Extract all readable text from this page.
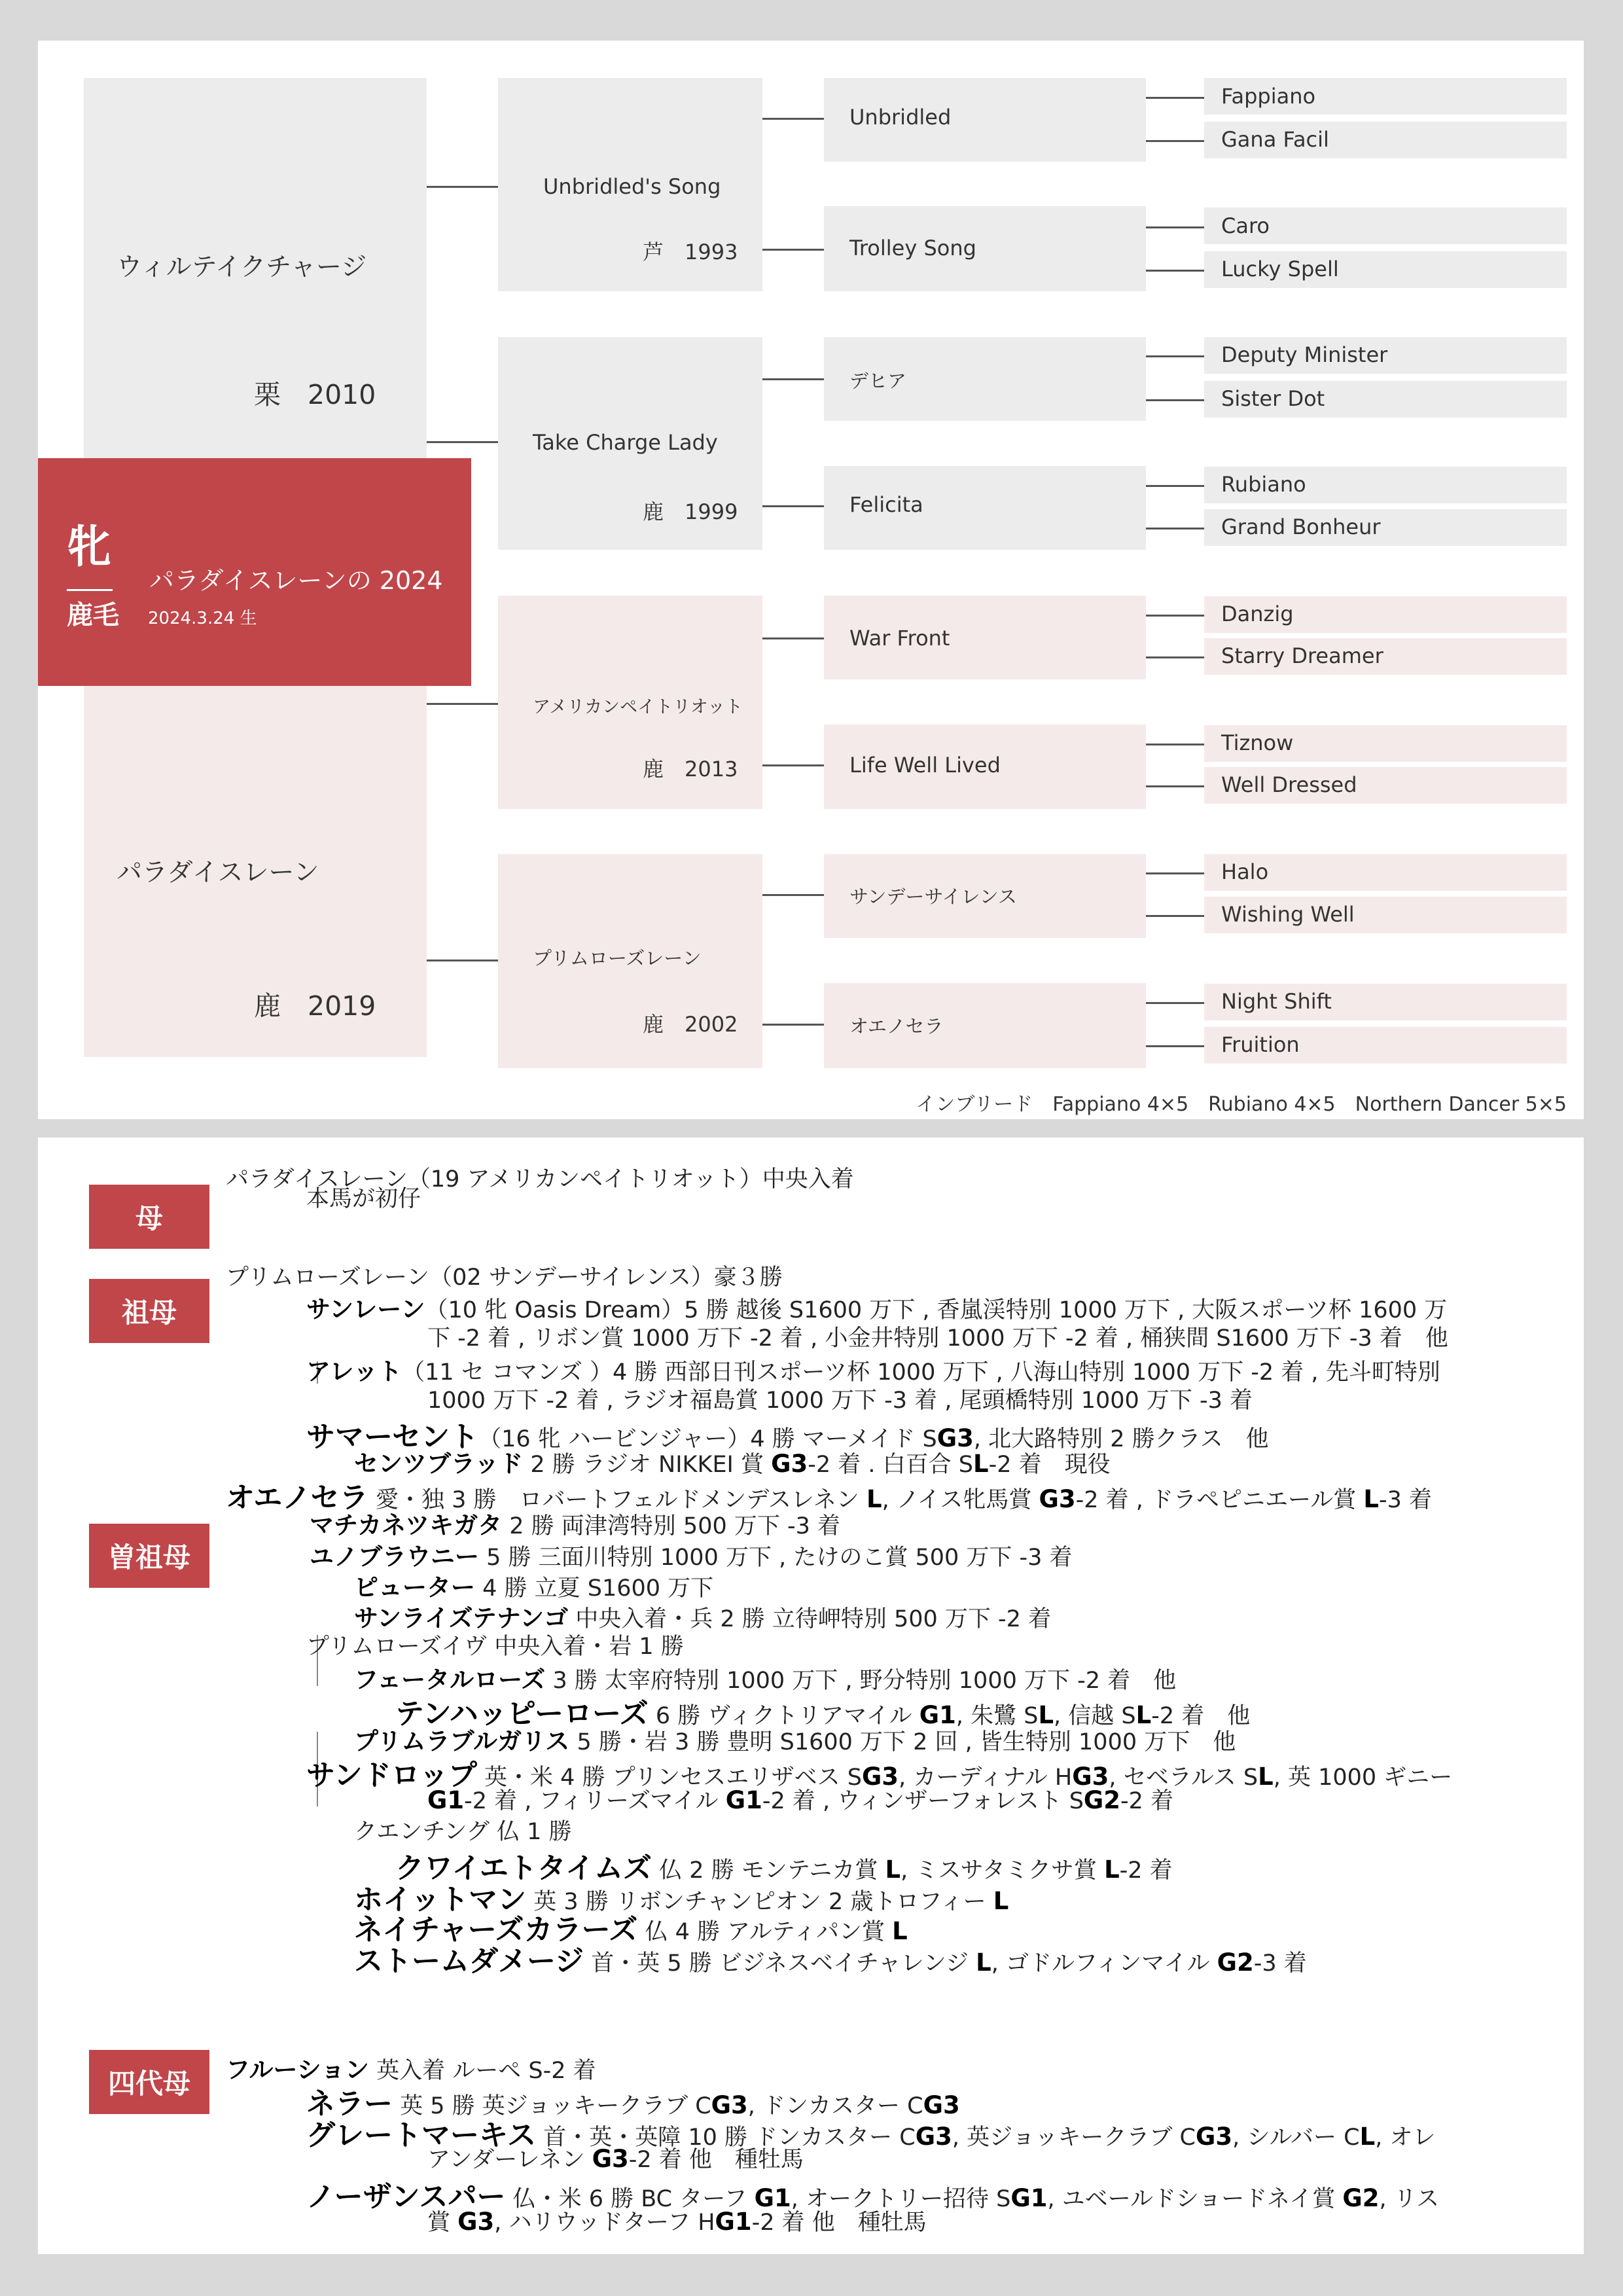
ウィルテイクチャージ
栗　2010
パラダイスレーン
鹿　2019
牝
鹿毛
パラダイスレーンの 2024
2024.3.24 生
Unbridled's Song
芦　1993
Take Charge Lady
鹿　1999
アメリカンペイトリオット
鹿　2013
プリムローズレーン
鹿　2002
Unbridled
Trolley Song
デヒア
Felicita
War Front
Life Well Lived
サンデーサイレンス
オエノセラ
Fappiano
Gana Facil
Caro
Lucky Spell
Deputy Minister
Sister Dot
Rubiano
Grand Bonheur
Danzig
Starry Dreamer
Tiznow
Well Dressed
Halo
Wishing Well
Night Shift
Fruition
インブリード　Fappiano 4×5　Rubiano 4×5　Northern Dancer 5×5
母
祖母
曽祖母
四代母
パラダイスレーン（19 アメリカンペイトリオット）中央入着
本馬が初仔
プリムローズレーン（02 サンデーサイレンス）豪３勝
サンレーン（10 牝 Oasis Dream）5 勝 越後 S1600 万下 , 香嵐渓特別 1000 万下 , 大阪スポーツ杯 1600 万
下 -2 着 , リボン賞 1000 万下 -2 着 , 小金井特別 1000 万下 -2 着 , 桶狭間 S1600 万下 -3 着　他
アレット（11 セ コマンズ ）4 勝 西部日刊スポーツ杯 1000 万下 , 八海山特別 1000 万下 -2 着 , 先斗町特別
1000 万下 -2 着 , ラジオ福島賞 1000 万下 -3 着 , 尾頭橋特別 1000 万下 -3 着
サマーセント（16 牝 ハービンジャー）4 勝 マーメイド SG3, 北大路特別 2 勝クラス　他
センツブラッド 2 勝 ラジオ NIKKEI 賞 G3-2 着 . 白百合 SL-2 着　現役
オエノセラ 愛・独 3 勝　ロバートフェルドメンデスレネン L, ノイス牝馬賞 G3-2 着 , ドラペピニエール賞 L-3 着
マチカネツキガタ 2 勝 両津湾特別 500 万下 -3 着
ユノブラウニー 5 勝 三面川特別 1000 万下 , たけのこ賞 500 万下 -3 着
ピューター 4 勝 立夏 S1600 万下
サンライズテナンゴ 中央入着・兵 2 勝 立待岬特別 500 万下 -2 着
プリムローズイヴ 中央入着・岩 1 勝
フェータルローズ 3 勝 太宰府特別 1000 万下 , 野分特別 1000 万下 -2 着　他
テンハッピーローズ 6 勝 ヴィクトリアマイル G1, 朱鷺 SL, 信越 SL-2 着　他
プリムラブルガリス 5 勝・岩 3 勝 豊明 S1600 万下 2 回 , 皆生特別 1000 万下　他
サンドロップ 英・米 4 勝 プリンセスエリザベス SG3, カーディナル HG3, セベラルス SL, 英 1000 ギニー
G1-2 着 , フィリーズマイル G1-2 着 , ウィンザーフォレスト SG2-2 着
クエンチング 仏 1 勝
クワイエトタイムズ 仏 2 勝 モンテニカ賞 L, ミスサタミクサ賞 L-2 着
ホイットマン 英 3 勝 リボンチャンピオン 2 歳トロフィー L
ネイチャーズカラーズ 仏 4 勝 アルティパン賞 L
ストームダメージ 首・英 5 勝 ビジネスベイチャレンジ L, ゴドルフィンマイル G2-3 着
フルーション 英入着 ルーペ S-2 着
ネラー 英 5 勝 英ジョッキークラブ CG3, ドンカスター CG3
グレートマーキス 首・英・英障 10 勝 ドンカスター CG3, 英ジョッキークラブ CG3, シルバー CL, オレ
アンダーレネン G3-2 着 他　種牡馬
ノーザンスパー 仏・米 6 勝 BC ターフ G1, オークトリー招待 SG1, ユベールドショードネイ賞 G2, リス
賞 G3, ハリウッドターフ HG1-2 着 他　種牡馬
